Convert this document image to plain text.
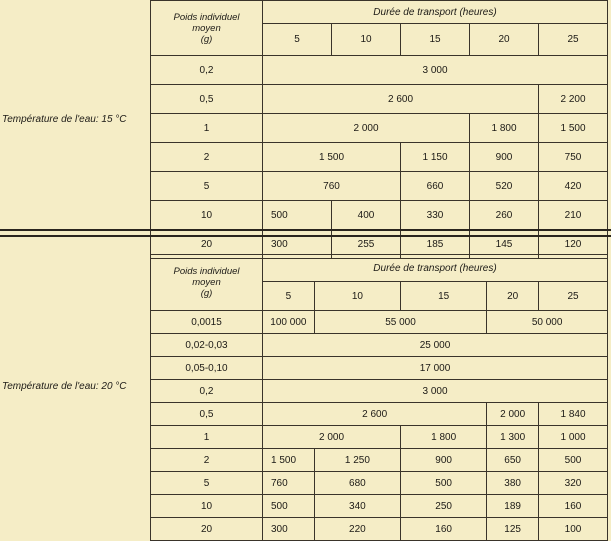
Température de l'eau: 15 °C
Poids individuel
moyen
(g)
Durée de transport (heures)
5	10	15	20	25
0,2	3 000
0,5	2 600	2 200
1	2 000	1 800	1 500
2	1 500	1 150	900	750
5	760	660	520	420
10	500	400	330	260	210
20	300	255	185	145	120
Température de l'eau: 20 °C
Poids individuel
moyen
(g)
Durée de transport (heures)
5	10	15	20	25
0,0015	100 000	55 000	50 000
0,02-0,03	25 000
0,05-0,10	17 000
0,2	3 000
0,5	2 600	2 000	1 840
1	2 000	1 800	1 300	1 000
2	1 500	1 250	900	650	500
5	760	680	500	380	320
10	500	340	250	189	160
20	300	220	160	125	100
